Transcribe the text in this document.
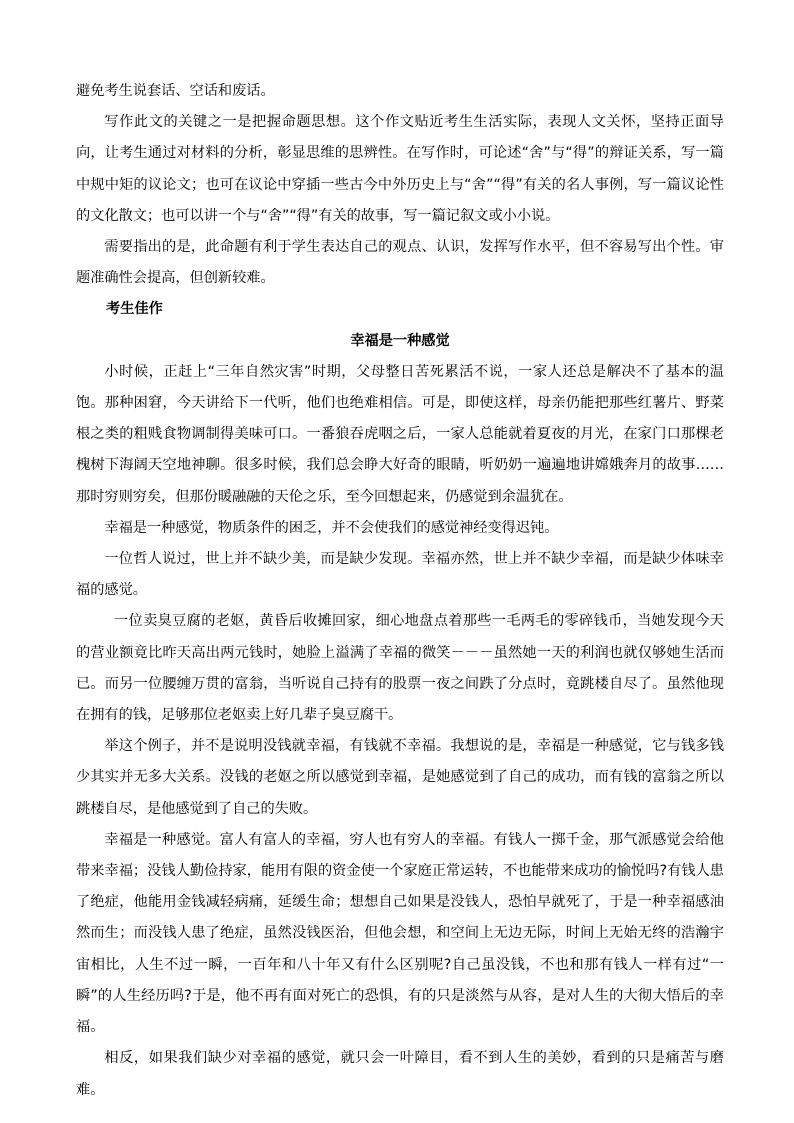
避免考生说套话、空话和废话。

写作此文的关键之一是把握命题思想。这个作文贴近考生生活实际，表现人文关怀，坚持正面导向，让考生通过对材料的分析，彰显思维的思辨性。在写作时，可论述“舍”与“得”的辩证关系，写一篇中规中矩的议论文；也可在议论中穿插一些古今中外历史上与“舍”“得”有关的名人事例，写一篇议论性的文化散文；也可以讲一个与“舍”“得”有关的故事，写一篇记叙文或小小说。

需要指出的是，此命题有利于学生表达自己的观点、认识，发挥写作水平，但不容易写出个性。审题准确性会提高，但创新较难。

考生佳作

幸福是一种感觉

小时候，正赶上“三年自然灾害”时期，父母整日苦死累活不说，一家人还总是解决不了基本的温饱。那种困窘，今天讲给下一代听，他们也绝难相信。可是，即使这样，母亲仍能把那些红薯片、野菜根之类的粗贱食物调制得美味可口。一番狼吞虎咽之后，一家人总能就着夏夜的月光，在家门口那棵老槐树下海阔天空地神聊。很多时候，我们总会睁大好奇的眼睛，听奶奶一遍遍地讲嫦娥奔月的故事……那时穷则穷矣，但那份暖融融的天伦之乐，至今回想起来，仍感觉到余温犹在。

幸福是一种感觉，物质条件的困乏，并不会使我们的感觉神经变得迟钝。

一位哲人说过，世上并不缺少美，而是缺少发现。幸福亦然，世上并不缺少幸福，而是缺少体味幸福的感觉。

一位卖臭豆腐的老妪，黄昏后收摊回家，细心地盘点着那些一毛两毛的零碎钱币，当她发现今天的营业额竟比昨天高出两元钱时，她脸上溢满了幸福的微笑－－－虽然她一天的利润也就仅够她生活而已。而另一位腰缠万贯的富翁，当听说自己持有的股票一夜之间跌了分点时，竟跳楼自尽了。虽然他现在拥有的钱，足够那位老妪卖上好几辈子臭豆腐干。

举这个例子，并不是说明没钱就幸福，有钱就不幸福。我想说的是，幸福是一种感觉，它与钱多钱少其实并无多大关系。没钱的老妪之所以感觉到幸福，是她感觉到了自己的成功，而有钱的富翁之所以跳楼自尽，是他感觉到了自己的失败。

幸福是一种感觉。富人有富人的幸福，穷人也有穷人的幸福。有钱人一掷千金，那气派感觉会给他带来幸福；没钱人勤俭持家，能用有限的资金使一个家庭正常运转，不也能带来成功的愉悦吗?有钱人患了绝症，他能用金钱减轻病痛，延缓生命；想想自己如果是没钱人，恐怕早就死了，于是一种幸福感油然而生；而没钱人患了绝症，虽然没钱医治，但他会想，和空间上无边无际，时间上无始无终的浩瀚宇宙相比，人生不过一瞬，一百年和八十年又有什么区别呢?自己虽没钱，不也和那有钱人一样有过“一瞬”的人生经历吗?于是，他不再有面对死亡的恐惧，有的只是淡然与从容，是对人生的大彻大悟后的幸福。

相反，如果我们缺少对幸福的感觉，就只会一叶障目，看不到人生的美妙，看到的只是痛苦与磨难。
